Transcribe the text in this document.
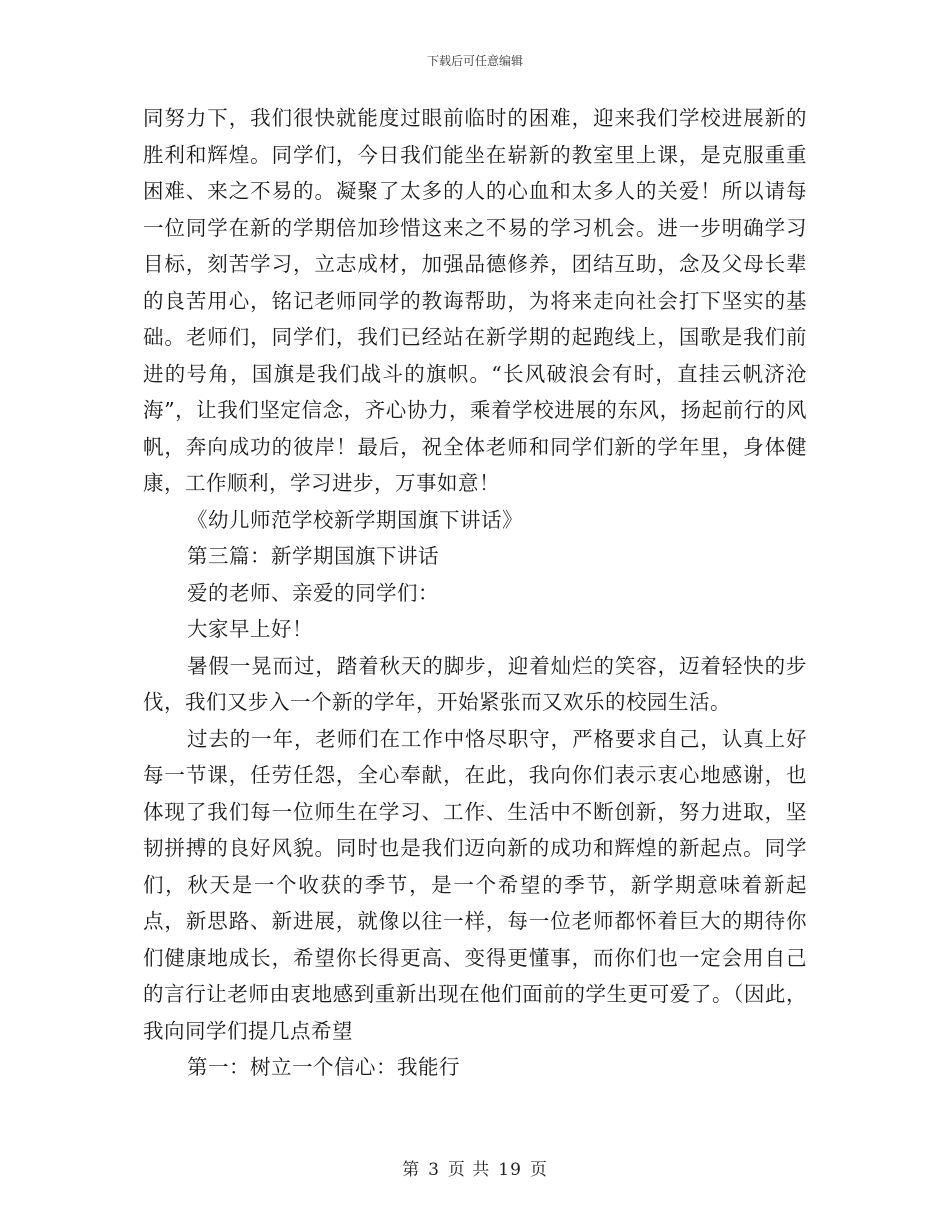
下载后可任意编辑

同努力下，我们很快就能度过眼前临时的困难，迎来我们学校进展新的胜利和辉煌。同学们，今日我们能坐在崭新的教室里上课，是克服重重困难、来之不易的。凝聚了太多的人的心血和太多人的关爱！所以请每一位同学在新的学期倍加珍惜这来之不易的学习机会。进一步明确学习目标，刻苦学习，立志成材，加强品德修养，团结互助，念及父母长辈的良苦用心，铭记老师同学的教诲帮助，为将来走向社会打下坚实的基础。老师们，同学们，我们已经站在新学期的起跑线上，国歌是我们前进的号角，国旗是我们战斗的旗帜。“长风破浪会有时，直挂云帆济沧海”，让我们坚定信念，齐心协力，乘着学校进展的东风，扬起前行的风帆，奔向成功的彼岸！最后，祝全体老师和同学们新的学年里，身体健康，工作顺利，学习进步，万事如意！

《幼儿师范学校新学期国旗下讲话》

第三篇：新学期国旗下讲话

爱的老师、亲爱的同学们：

大家早上好！

暑假一晃而过，踏着秋天的脚步，迎着灿烂的笑容，迈着轻快的步伐，我们又步入一个新的学年，开始紧张而又欢乐的校园生活。

过去的一年，老师们在工作中恪尽职守，严格要求自己，认真上好每一节课，任劳任怨，全心奉献，在此，我向你们表示衷心地感谢，也体现了我们每一位师生在学习、工作、生活中不断创新，努力进取，坚韧拼搏的良好风貌。同时也是我们迈向新的成功和辉煌的新起点。同学们，秋天是一个收获的季节，是一个希望的季节，新学期意味着新起点，新思路、新进展，就像以往一样，每一位老师都怀着巨大的期待你们健康地成长，希望你长得更高、变得更懂事，而你们也一定会用自己的言行让老师由衷地感到重新出现在他们面前的学生更可爱了。（因此，我向同学们提几点希望

第一：树立一个信心：我能行

第 3 页 共 19 页
